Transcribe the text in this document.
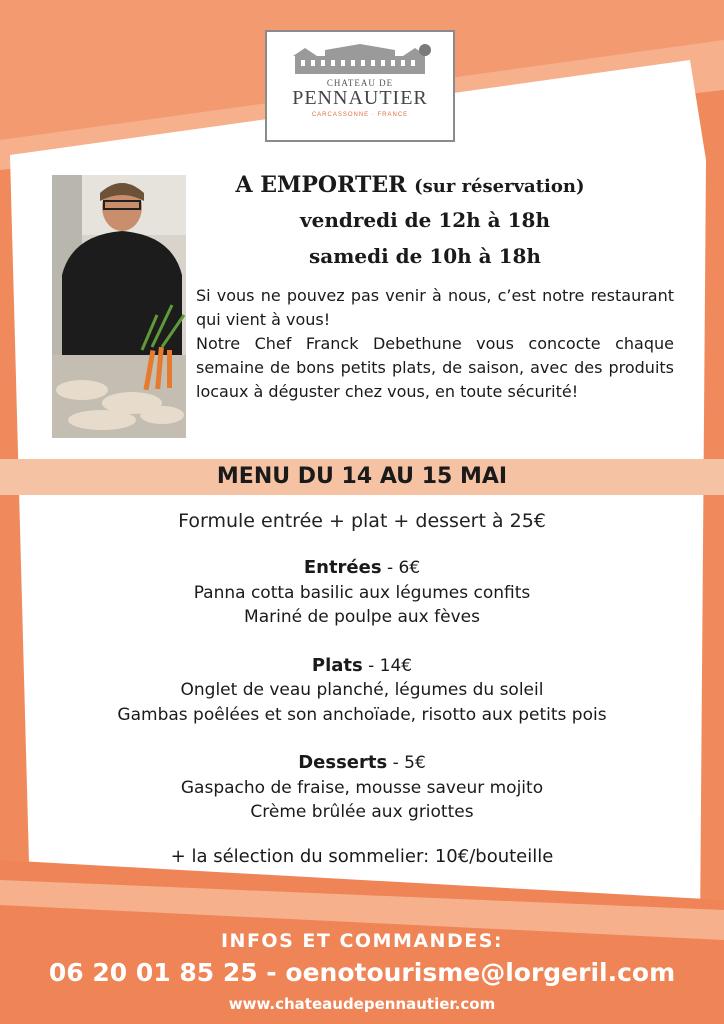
CHATEAU DE
PENNAUTIER
CARCASSONNE · FRANCE
A EMPORTER (sur réservation)
vendredi de 12h à 18h
samedi de 10h à 18h

Si vous ne pouvez pas venir à nous, c’est notre restaurant qui vient à vous!

Notre Chef Franck Debethune vous concocte chaque semaine de bons petits plats, de saison, avec des produits locaux à déguster chez vous, en toute sécurité!

MENU DU 14 AU 15 MAI
Formule entrée + plat + dessert à 25€
Entrées - 6€
Panna cotta basilic aux légumes confits
Mariné de poulpe aux fèves
Plats - 14€
Onglet de veau planché, légumes du soleil
Gambas poêlées et son anchoïade, risotto aux petits pois
Desserts - 5€
Gaspacho de fraise, mousse saveur mojito
Crème brûlée aux griottes
+ la sélection du sommelier: 10€/bouteille
INFOS ET COMMANDES:
06 20 01 85 25 - oenotourisme@lorgeril.com
www.chateaudepennautier.com
